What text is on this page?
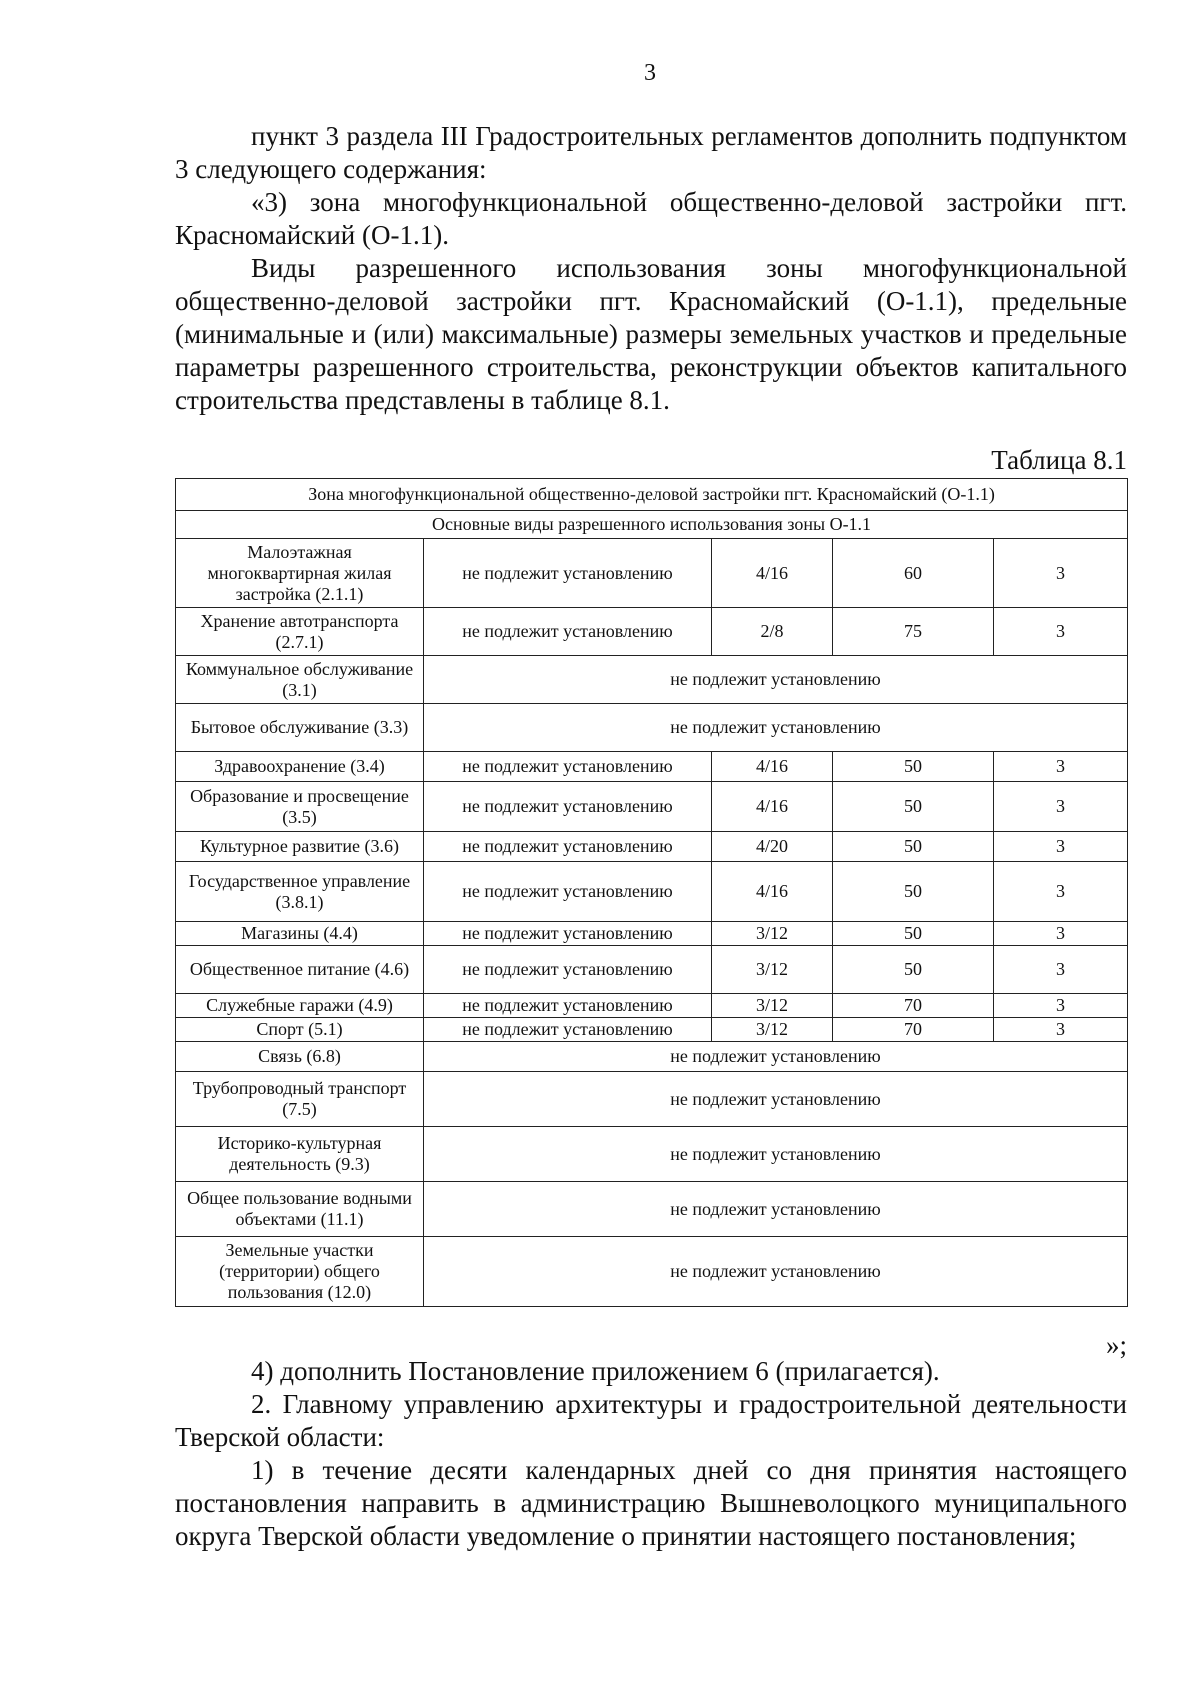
3

пункт 3 раздела III Градостроительных регламентов дополнить подпунктом 3 следующего содержания:

«3) зона многофункциональной общественно-деловой застройки пгт. Красномайский (О-1.1).

Виды разрешенного использования зоны многофункциональной общественно-деловой застройки пгт. Красномайский (О-1.1), предельные (минимальные и (или) максимальные) размеры земельных участков и предельные параметры разрешенного строительства, реконструкции объектов капитального строительства представлены в таблице 8.1.

Таблица 8.1
Зона многофункциональной общественно-деловой застройки пгт. Красномайский (О-1.1)				
Основные виды разрешенного использования зоны О-1.1				
Малоэтажная многоквартирная жилая застройка (2.1.1)	не подлежит установлению	4/16	60	3
Хранение автотранспорта (2.7.1)	не подлежит установлению	2/8	75	3
Коммунальное обслуживание (3.1)	не подлежит установлению			
Бытовое обслуживание (3.3)	не подлежит установлению			
Здравоохранение (3.4)	не подлежит установлению	4/16	50	3
Образование и просвещение (3.5)	не подлежит установлению	4/16	50	3
Культурное развитие (3.6)	не подлежит установлению	4/20	50	3
Государственное управление (3.8.1)	не подлежит установлению	4/16	50	3
Магазины (4.4)	не подлежит установлению	3/12	50	3
Общественное питание (4.6)	не подлежит установлению	3/12	50	3
Служебные гаражи (4.9)	не подлежит установлению	3/12	70	3
Спорт (5.1)	не подлежит установлению	3/12	70	3
Связь (6.8)	не подлежит установлению			
Трубопроводный транспорт (7.5)	не подлежит установлению			
Историко-культурная деятельность (9.3)	не подлежит установлению			
Общее пользование водными объектами (11.1)	не подлежит установлению			
Земельные участки (территории) общего пользования (12.0)	не подлежит установлению			
»;

4) дополнить Постановление приложением 6 (прилагается).

2. Главному управлению архитектуры и градостроительной деятельности Тверской области:

1) в течение десяти календарных дней со дня принятия настоящего постановления направить в администрацию Вышневолоцкого муниципального округа Тверской области уведомление о принятии настоящего постановления;
